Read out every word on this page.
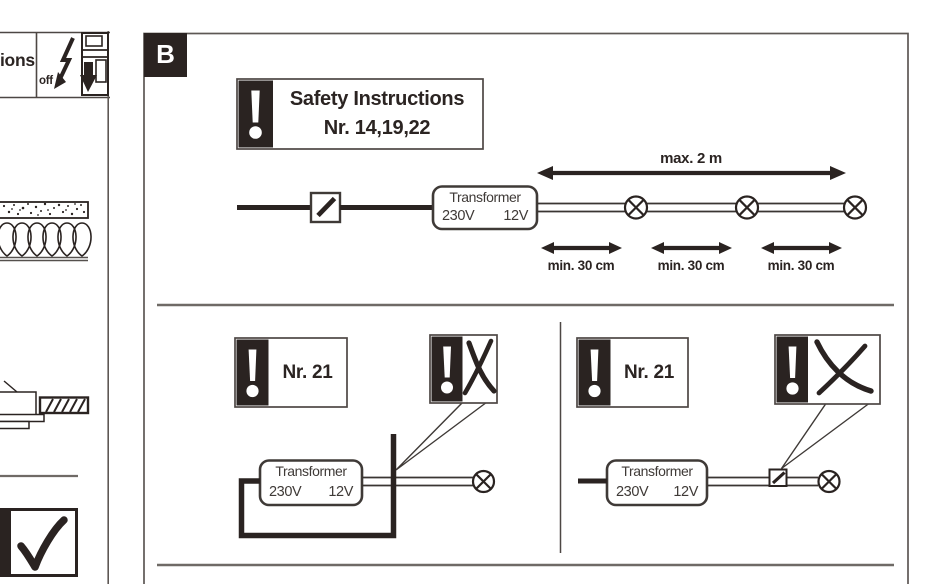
ions
off
B
Safety Instructions
Nr. 14,19,22
max. 2 m
min. 30 cm	min. 30 cm	min. 30 cm
Transformer
230V 12V
Nr. 21	Nr. 21
Transformer
230V 12V
Transformer
230V 12V
